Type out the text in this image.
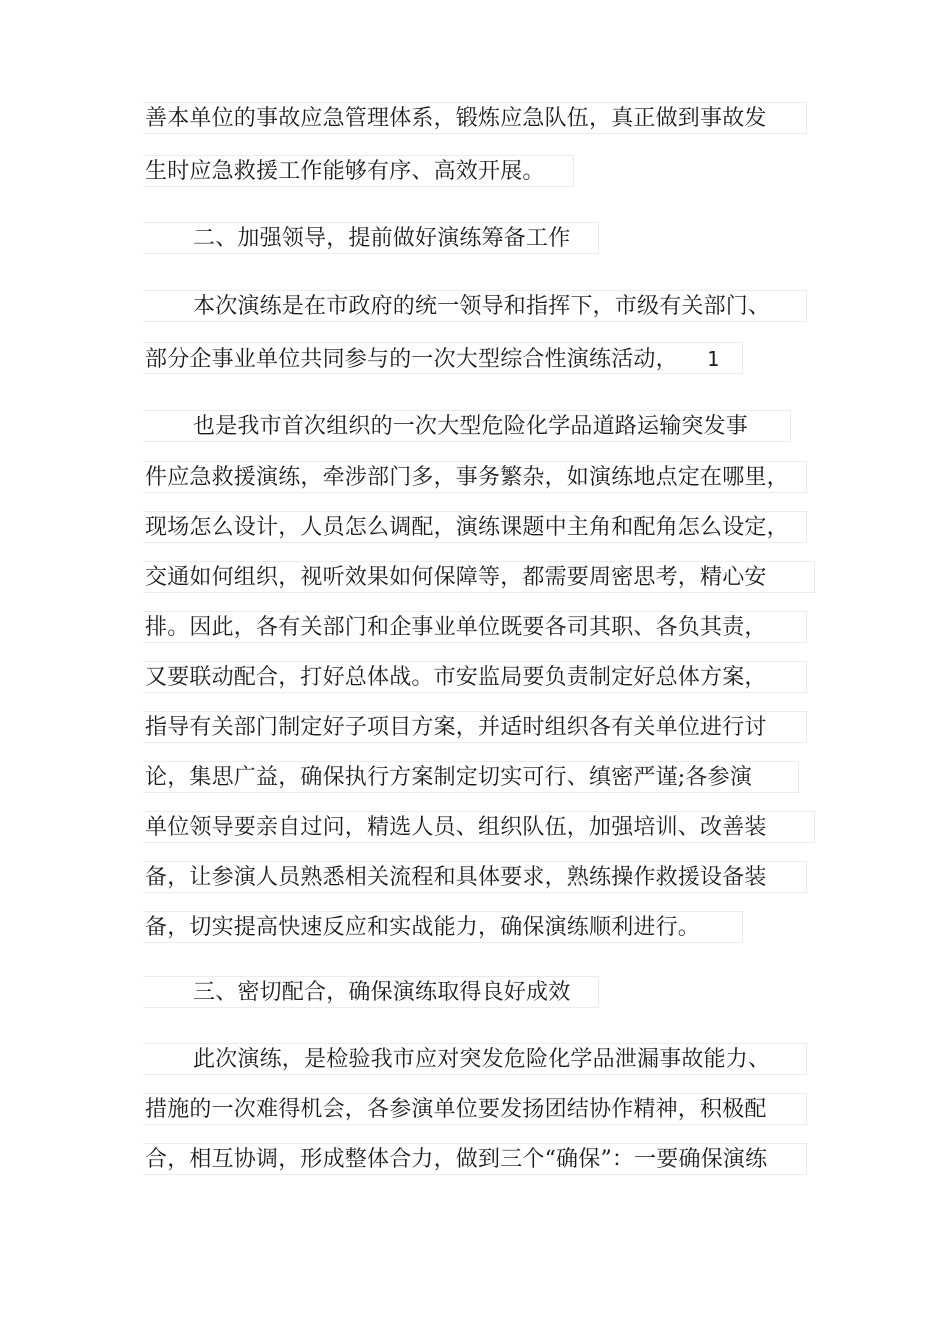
善本单位的事故应急管理体系，锻炼应急队伍，真正做到事故发
生时应急救援工作能够有序、高效开展。
二、加强领导，提前做好演练筹备工作
本次演练是在市政府的统一领导和指挥下，市级有关部门、
部分企事业单位共同参与的一次大型综合性演练活动， 1
也是我市首次组织的一次大型危险化学品道路运输突发事
件应急救援演练，牵涉部门多，事务繁杂，如演练地点定在哪里，
现场怎么设计，人员怎么调配，演练课题中主角和配角怎么设定，
交通如何组织，视听效果如何保障等，都需要周密思考，精心安
排。因此，各有关部门和企事业单位既要各司其职、各负其责，
又要联动配合，打好总体战。市安监局要负责制定好总体方案，
指导有关部门制定好子项目方案，并适时组织各有关单位进行讨
论，集思广益，确保执行方案制定切实可行、缜密严谨;各参演
单位领导要亲自过问，精选人员、组织队伍，加强培训、改善装
备，让参演人员熟悉相关流程和具体要求，熟练操作救援设备装
备，切实提高快速反应和实战能力，确保演练顺利进行。
三、密切配合，确保演练取得良好成效
此次演练，是检验我市应对突发危险化学品泄漏事故能力、
措施的一次难得机会，各参演单位要发扬团结协作精神，积极配
合，相互协调，形成整体合力，做到三个“确保”：一要确保演练
